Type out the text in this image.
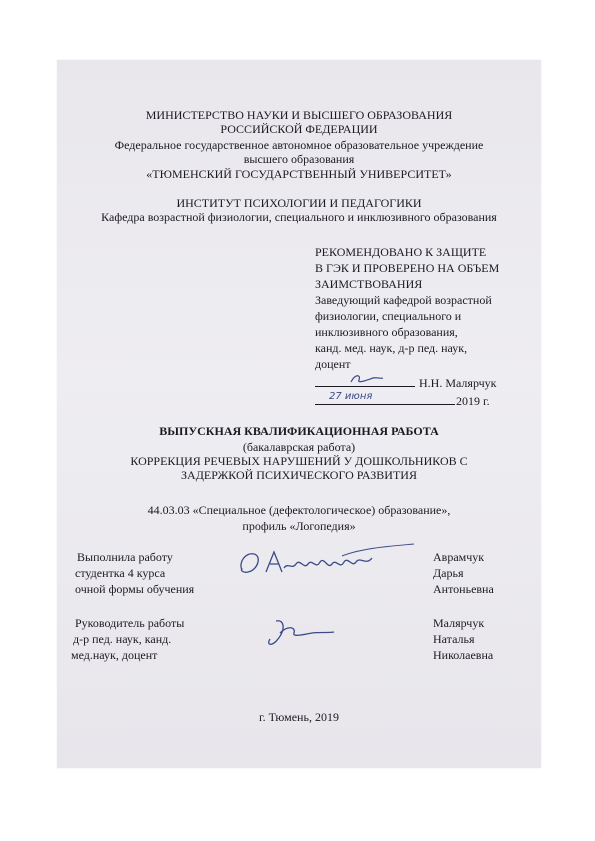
МИНИСТЕРСТВО НАУКИ И ВЫСШЕГО ОБРАЗОВАНИЯ
РОССИЙСКОЙ ФЕДЕРАЦИИ
Федеральное государственное автономное образовательное учреждение
высшего образования
«ТЮМЕНСКИЙ ГОСУДАРСТВЕННЫЙ УНИВЕРСИТЕТ»
ИНСТИТУТ ПСИХОЛОГИИ И ПЕДАГОГИКИ
Кафедра возрастной физиологии, специального и инклюзивного образования
РЕКОМЕНДОВАНО К ЗАЩИТЕ
В ГЭК И ПРОВЕРЕНО НА ОБЪЕМ
ЗАИМСТВОВАНИЯ
Заведующий кафедрой возрастной
физиологии, специального и
инклюзивного образования,
канд. мед. наук, д-р пед. наук,
доцент
Н.Н. Малярчук
27 июня	2019 г.
ВЫПУСКНАЯ КВАЛИФИКАЦИОННАЯ РАБОТА
(бакалаврская работа)
КОРРЕКЦИЯ РЕЧЕВЫХ НАРУШЕНИЙ У ДОШКОЛЬНИКОВ С
ЗАДЕРЖКОЙ ПСИХИЧЕСКОГО РАЗВИТИЯ
44.03.03 «Специальное (дефектологическое) образование»,
профиль «Логопедия»
Выполнила работу
студентка 4 курса
очной формы обучения
Аврамчук
Дарья
Антоньевна
Руководитель работы
д-р пед. наук, канд.
мед.наук, доцент
Малярчук
Наталья
Николаевна
г. Тюмень, 2019
